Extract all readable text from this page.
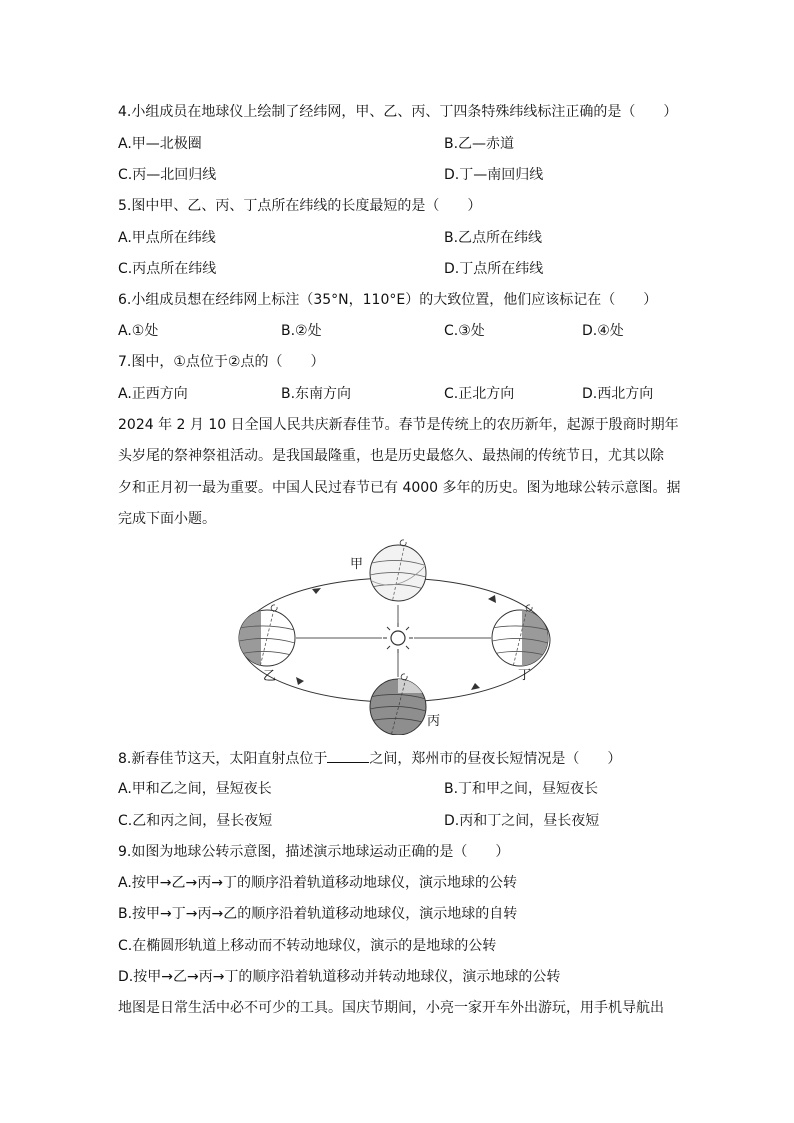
4.小组成员在地球仪上绘制了经纬网，甲、乙、丙、丁四条特殊纬线标注正确的是（　　）
A.甲—北极圈	B.乙—赤道
C.丙—北回归线	D.丁—南回归线
5.图中甲、乙、丙、丁点所在纬线的长度最短的是（　　）
A.甲点所在纬线	B.乙点所在纬线
C.丙点所在纬线	D.丁点所在纬线
6.小组成员想在经纬网上标注（35°N，110°E）的大致位置，他们应该标记在（　　）
A.①处	B.②处	C.③处	D.④处
7.图中，①点位于②点的（　　）
A.正西方向	B.东南方向	C.正北方向	D.西北方向
2024 年 2 月 10 日全国人民共庆新春佳节。春节是传统上的农历新年，起源于殷商时期年
头岁尾的祭神祭祖活动。是我国最隆重，也是历史最悠久、最热闹的传统节日，尤其以除
夕和正月初一最为重要。中国人民过春节已有 4000 多年的历史。图为地球公转示意图。据
完成下面小题。
甲
乙
丙
丁
8.新春佳节这天，太阳直射点位于	之间，郑州市的昼夜长短情况是（　　）
A.甲和乙之间，昼短夜长	B.丁和甲之间，昼短夜长
C.乙和丙之间，昼长夜短	D.丙和丁之间，昼长夜短
9.如图为地球公转示意图，描述演示地球运动正确的是（　　）
A.按甲→乙→丙→丁的顺序沿着轨道移动地球仪，演示地球的公转
B.按甲→丁→丙→乙的顺序沿着轨道移动地球仪，演示地球的自转
C.在椭圆形轨道上移动而不转动地球仪，演示的是地球的公转
D.按甲→乙→丙→丁的顺序沿着轨道移动并转动地球仪，演示地球的公转
地图是日常生活中必不可少的工具。国庆节期间，小亮一家开车外出游玩，用手机导航出
